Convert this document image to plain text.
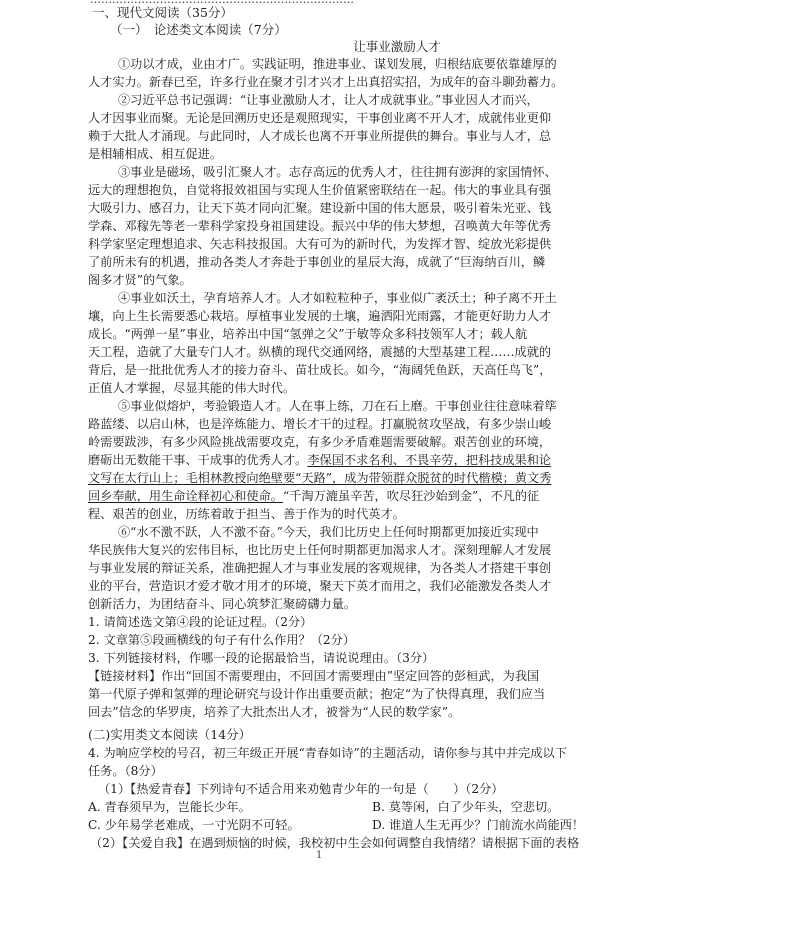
一、现代文阅读（35分）
（一）　论述类文本阅读（7分）
让事业激励人才
①功以才成，业由才广。实践证明，推进事业、谋划发展，归根结底要依靠雄厚的
人才实力。新春已至，许多行业在聚才引才兴才上出真招实招，为成年的奋斗聊劲蓄力。
②习近平总书记强调：“让事业激励人才，让人才成就事业。”事业因人才而兴，
人才因事业而聚。无论是回溯历史还是观照现实，干事创业离不开人才，成就伟业更仰
赖于大批人才涌现。与此同时，人才成长也离不开事业所提供的舞台。事业与人才，总
是相辅相成、相互促进。
③事业是磁场，吸引汇聚人才。志存高远的优秀人才，往往拥有澎湃的家国情怀、
远大的理想抱负，自觉将报效祖国与实现人生价值紧密联结在一起。伟大的事业具有强
大吸引力、感召力，让天下英才同向汇聚。建设新中国的伟大愿景，吸引着朱光亚、钱
学森、邓稼先等老一辈科学家投身祖国建设。振兴中华的伟大梦想，召唤黄大年等优秀
科学家坚定理想追求、矢志科技报国。大有可为的新时代，为发挥才智、绽放光彩提供
了前所未有的机遇，推动各类人才奔赴于事创业的星辰大海，成就了“巨海纳百川，鳞
阁多才贤”的气象。
④事业如沃土，孕育培养人才。人才如粒粒种子，事业似广袤沃土；种子离不开土
壤，向上生长需要悉心栽培。厚植事业发展的土壤，遍洒阳光雨露，才能更好助力人才
成长。“两弹一星”事业，培养出中国“氢弹之父”于敏等众多科技领军人才；载人航
天工程，造就了大量专门人才。纵横的现代交通网络，震撼的大型基建工程……成就的
背后，是一批批优秀人才的接力奋斗、苗壮成长。如今，“海阔凭鱼跃，天高任鸟飞”，
正值人才掌握，尽显其能的伟大时代。
⑤事业似熔炉，考验锻造人才。人在事上练，刀在石上磨。干事创业往往意味着筚
路蓝缕、以启山林，也是淬炼能力、增长才干的过程。打赢脱贫攻坚战，有多少崇山峻
岭需要跋涉，有多少风险挑战需要攻克，有多少矛盾难题需要破解。艰苦创业的环境，
磨砺出无数能干事、干成事的优秀人才。李保国不求名利、不畏辛劳，把科技成果和论
文写在太行山上；毛相林教授向绝壁要“天路”，成为带领群众脱贫的时代楷模；黄文秀
回乡奉献，用生命诠释初心和使命。“千淘万漉虽辛苦，吹尽狂沙始到金”，不凡的征
程、艰苦的创业，历练着敢于担当、善于作为的时代英才。
⑥“水不激不跃，人不激不奋。”今天，我们比历史上任何时期都更加接近实现中
华民族伟大复兴的宏伟目标，也比历史上任何时期都更加渴求人才。深刻理解人才发展
与事业发展的辩证关系，准确把握人才与事业发展的客观规律，为各类人才搭建干事创
业的平台，营造识才爱才敬才用才的环境，聚天下英才而用之，我们必能激发各类人才
创新活力，为团结奋斗、同心筑梦汇聚磅礴力量。
1. 请简述选文第④段的论证过程。（2分）
2. 文章第⑤段画横线的句子有什么作用？（2分）
3. 下列链接材料，作哪一段的论据最恰当，请说说理由。（3分）
【链接材料】作出“回国不需要理由，不回国才需要理由”坚定回答的彭桓武，为我国
第一代原子弹和氢弹的理论研究与设计作出重要贡献；抱定“为了快得真理，我们应当
回去”信念的华罗庚，培养了大批杰出人才，被誉为“人民的数学家”。
(二)实用类文本阅读（14分）
4. 为响应学校的号召，初三年级正开展“青春如诗”的主题活动，请你参与其中并完成以下
任务。（8分）
（1）【热爱青春】下列诗句不适合用来劝勉青少年的一句是（　　）（2分）
A. 青春须早为，岂能长少年。	B. 莫等闲，白了少年头，空悲切。
C. 少年易学老难成，一寸光阴不可轻。	D. 谁道人生无再少？门前流水尚能西！
（2）【关爱自我】在遇到烦恼的时候，我校初中生会如何调整自我情绪？请根据下面的表格
1
